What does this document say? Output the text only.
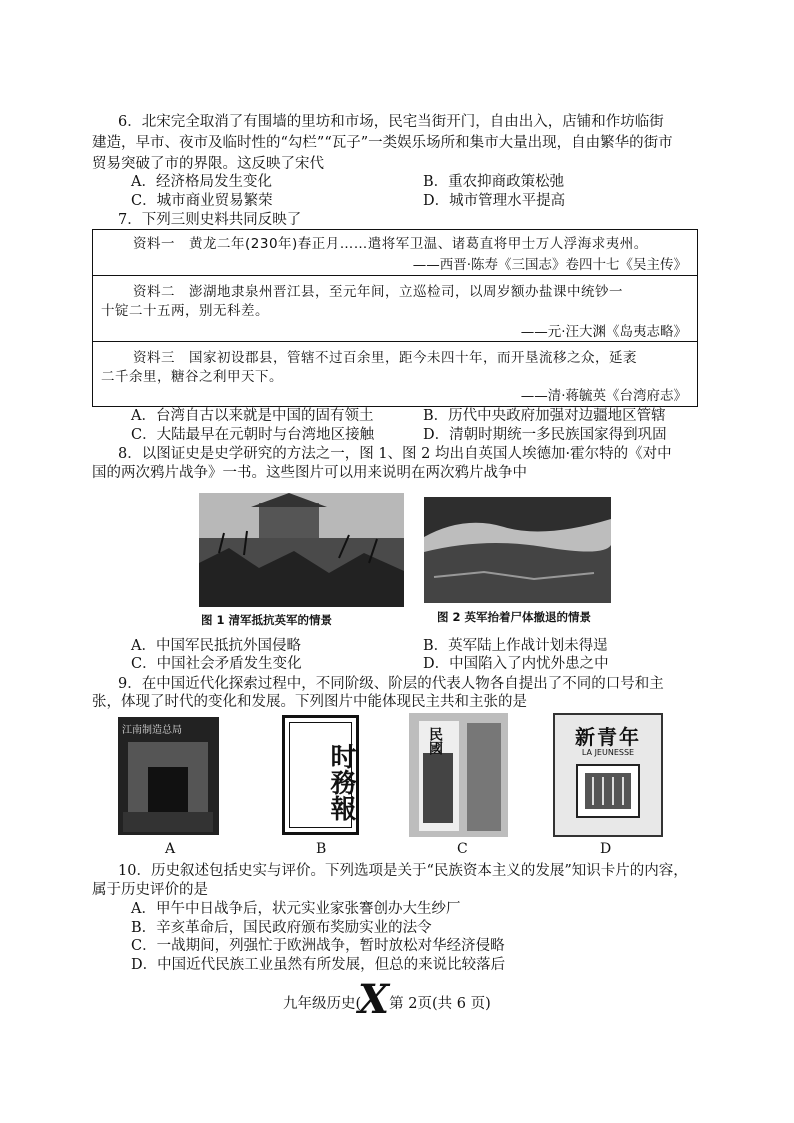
6．北宋完全取消了有围墙的里坊和市场，民宅当街开门，自由出入，店铺和作坊临街
建造，早市、夜市及临时性的“勾栏”“瓦子”一类娱乐场所和集市大量出现，自由繁华的街市
贸易突破了市的界限。这反映了宋代
A．经济格局发生变化	B．重农抑商政策松弛
C．城市商业贸易繁荣	D．城市管理水平提高
7．下列三则史料共同反映了
资料一　黄龙二年(230年)春正月……遣将军卫温、诸葛直将甲士万人浮海求夷州。
——西晋·陈寿《三国志》卷四十七《吴主传》
资料二　澎湖地隶泉州晋江县，至元年间，立巡检司，以周岁额办盐课中统钞一
十锭二十五两，别无科差。
——元·汪大渊《岛夷志略》
资料三　国家初设郡县，管辖不过百余里，距今未四十年，而开垦流移之众，延袤
二千余里，糖谷之利甲天下。
——清·蒋毓英《台湾府志》
A．台湾自古以来就是中国的固有领土	B．历代中央政府加强对边疆地区管辖
C．大陆最早在元朝时与台湾地区接触	D．清朝时期统一多民族国家得到巩固
8．以图证史是史学研究的方法之一，图 1、图 2 均出自英国人埃德加·霍尔特的《对中
国的两次鸦片战争》一书。这些图片可以用来说明在两次鸦片战争中
图 1 清军抵抗英军的情景	图 2 英军抬着尸体撤退的情景
A．中国军民抵抗外国侵略	B．英军陆上作战计划未得逞
C．中国社会矛盾发生变化	D．中国陷入了内忧外患之中
9．在中国近代化探索过程中，不同阶级、阶层的代表人物各自提出了不同的口号和主
张，体现了时代的变化和发展。下列图片中能体现民主共和主张的是
江南制造总局
A
时務報
B
民國
C
新青年
LA JEUNESSE
D
10．历史叙述包括史实与评价。下列选项是关于“民族资本主义的发展”知识卡片的内容，
属于历史评价的是
A．甲午中日战争后，状元实业家张謇创办大生纱厂
B．辛亥革命后，国民政府颁布奖励实业的法令
C．一战期间，列强忙于欧洲战争，暂时放松对华经济侵略
D．中国近代民族工业虽然有所发展，但总的来说比较落后
九年级历史( 第 2页(共 6 页)
X
